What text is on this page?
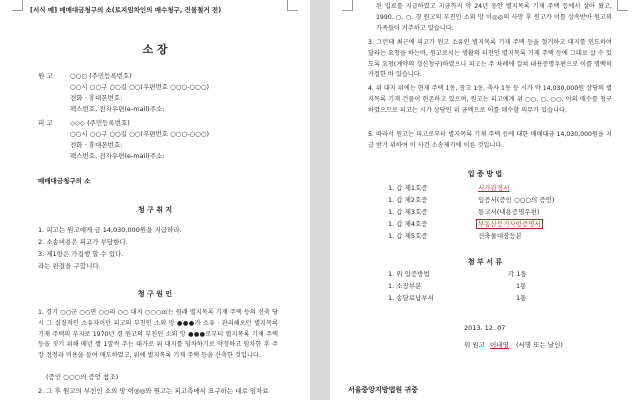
[서식 예] 매매대금청구의 소(토지임차인의 매수청구, 건물철거 전)
소 장
원 고	○○○ (주민등록번호)
○○시 ○○구 ○○길 ○○(우편번호 ○○○-○○○)
전화 · 휴대폰번호:
팩스번호, 전자우편(e-mail)주소:
피 고	◇◇◇ (주민등록번호)
○○시 ○○구 ○○길 ○○(우편번호 ○○○-○○○)
전화 · 휴대폰번호:
팩스번호, 전자우편(e-mail)주소:
매매대금청구의 소
청 구 취 지
1. 피고는 원고에게 금 14,030,000원을 지급하라.
2. 소송비용은 피고가 부담한다.
3. 제1항은 가집행 할 수 있다.
라는 판결을 구합니다.
청 구 원 인
1. 경기 ○○군 ○○면 ○○리 ○○ 대지 ○○○㎡는 원래 별지목록 기재 주택 등의 신축 당시 그 실질적인 소유자이던 피고의 부친인 소외 망 ●●●가 소유 · 관리해오던 별지목록 기재 주택의 부지로 1970년 경 원고의 부친인 소외 망 ●●●로부터 별지목록 기재 주택 등을 짓기 위해 매년 쌀 1말씩 주는 대가로 위 대지를 임차하기로 약정하고 임차한 후 주장 정정과 비용을 들여 매도하였고, 위에 별지목록 기재 주택 등을 신축한 것입니다.
(증인 ○○○의 증언 참조)
2. 그 후 원고의 부친인 소외 망 이◎◎와 원고는 피고측에서 요구하는 대로 임차료
된 입료를 지급하였고 지금까지 약 24년 동안 별지목록 기재 주택 등에서 살아 왔고, 1990. ○. ○. 경 원고의 부친인 소외 망 이◎◎의 사망 후 원고가 이를 상속받아 원고의 가족들이 거주하고 있습니다.
3. 그런데 최근에 피고가 원고 소유인 별지목록 기재 주택 등을 철거하고 대지를 인도하여 달라는 요청을 하는바, 원고로서는 생활의 터전인 별지목록 기재 주택 등에 그대로 살 수 있도록 요청(계약의 갱신청구)하였으나 피고는 주 차례에 걸쳐 내용증명우편으로 이를 명백히 거절한 바 있습니다.
4. 위 대지 위에는 현재 주택 1동, 창고 1동, 축사 1동 등 시가 약 14,030,000원 상당의 별지목록 기재 건물이 현존하고 있으며, 원고는 피고에게 위 ○○. ○. ○○. 이의 매수를 청구하였으므로 피고는 시가 상당인 위 금액으로 이를 매수할 의무가 있습니다.
5. 따라서 원고는 피고로부터 별지목록 기재 주택 등에 대한 매매대금 14,030,000원을 지급 받기 위하여 이 사건 소송제기에 이른 것입니다.
입 증 방 법
1. 갑 제1호증	시가감정서
1. 갑 제2호증	입증서(증인 ○○○의 증언)
1. 갑 제3호증	통고서(내용증명우편)
1. 갑 제4호증	부동산등기사항증명서
1. 갑 제5호증	건축물대장등본
첨 부 서 류
1. 위 입증방법	각 1통
1. 소장부본	1통
1. 송달료납부서	1통
2013. 12. 07
위 원고 이내영 (서명 또는 날인)
서울중앙지방법원 귀중
